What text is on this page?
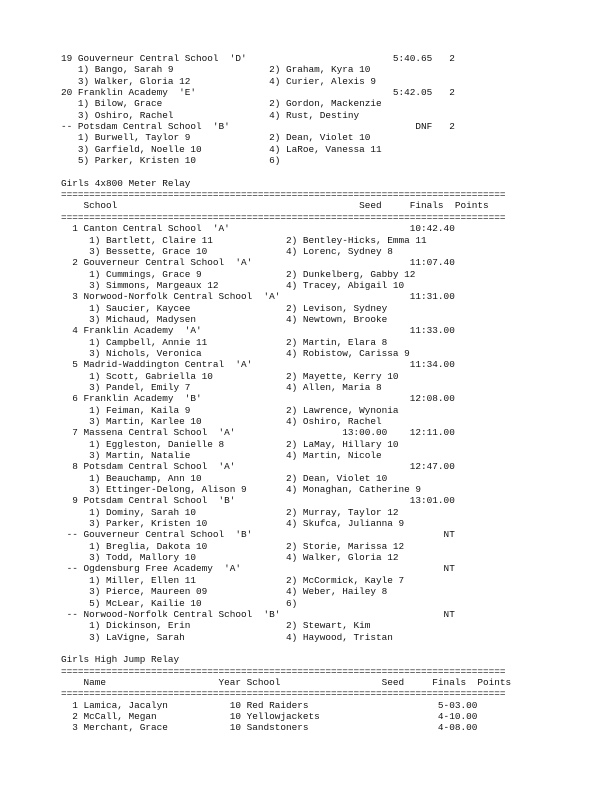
19 Gouverneur Central School  'D'                          5:40.65   2
1) Bango, Sarah 9                 2) Graham, Kyra 10
3) Walker, Gloria 12              4) Curier, Alexis 9
20 Franklin Academy  'E'                                   5:42.05   2
1) Bilow, Grace                   2) Gordon, Mackenzie
3) Oshiro, Rachel                 4) Rust, Destiny
-- Potsdam Central School  'B'                                 DNF   2
1) Burwell, Taylor 9              2) Dean, Violet 10
3) Garfield, Noelle 10            4) LaRoe, Vanessa 11
5) Parker, Kristen 10             6)
Girls 4x800 Meter Relay
===============================================================================
School                                           Seed     Finals  Points
===============================================================================
1 Canton Central School  'A'                                10:42.40
1) Bartlett, Claire 11             2) Bentley-Hicks, Emma 11
3) Bessette, Grace 10              4) Lorenc, Sydney 8
2 Gouverneur Central School  'A'                            11:07.40
1) Cummings, Grace 9               2) Dunkelberg, Gabby 12
3) Simmons, Margeaux 12            4) Tracey, Abigail 10
3 Norwood-Norfolk Central School  'A'                       11:31.00
1) Saucier, Kaycee                 2) Levison, Sydney
3) Michaud, Madysen                4) Newtown, Brooke
4 Franklin Academy  'A'                                     11:33.00
1) Campbell, Annie 11              2) Martin, Elara 8
3) Nichols, Veronica               4) Robistow, Carissa 9
5 Madrid-Waddington Central  'A'                            11:34.00
1) Scott, Gabriella 10             2) Mayette, Kerry 10
3) Pandel, Emily 7                 4) Allen, Maria 8
6 Franklin Academy  'B'                                     12:08.00
1) Feiman, Kaila 9                 2) Lawrence, Wynonia
3) Martin, Karlee 10               4) Oshiro, Rachel
7 Massena Central School  'A'                   13:00.00    12:11.00
1) Eggleston, Danielle 8           2) LaMay, Hillary 10
3) Martin, Natalie                 4) Martin, Nicole
8 Potsdam Central School  'A'                               12:47.00
1) Beauchamp, Ann 10               2) Dean, Violet 10
3) Ettinger-Delong, Alison 9       4) Monaghan, Catherine 9
9 Potsdam Central School  'B'                               13:01.00
1) Dominy, Sarah 10                2) Murray, Taylor 12
3) Parker, Kristen 10              4) Skufca, Julianna 9
-- Gouverneur Central School  'B'                                  NT
1) Breglia, Dakota 10              2) Storie, Marissa 12
3) Todd, Mallory 10                4) Walker, Gloria 12
-- Ogdensburg Free Academy  'A'                                    NT
1) Miller, Ellen 11                2) McCormick, Kayle 7
3) Pierce, Maureen 09              4) Weber, Hailey 8
5) McLear, Kailie 10               6)
-- Norwood-Norfolk Central School  'B'                             NT
1) Dickinson, Erin                 2) Stewart, Kim
3) LaVigne, Sarah                  4) Haywood, Tristan
Girls High Jump Relay
===============================================================================
Name                    Year School                  Seed     Finals  Points
===============================================================================
1 Lamica, Jacalyn           10 Red Raiders                       5-03.00
2 McCall, Megan             10 Yellowjackets                     4-10.00
3 Merchant, Grace           10 Sandstoners                       4-08.00
